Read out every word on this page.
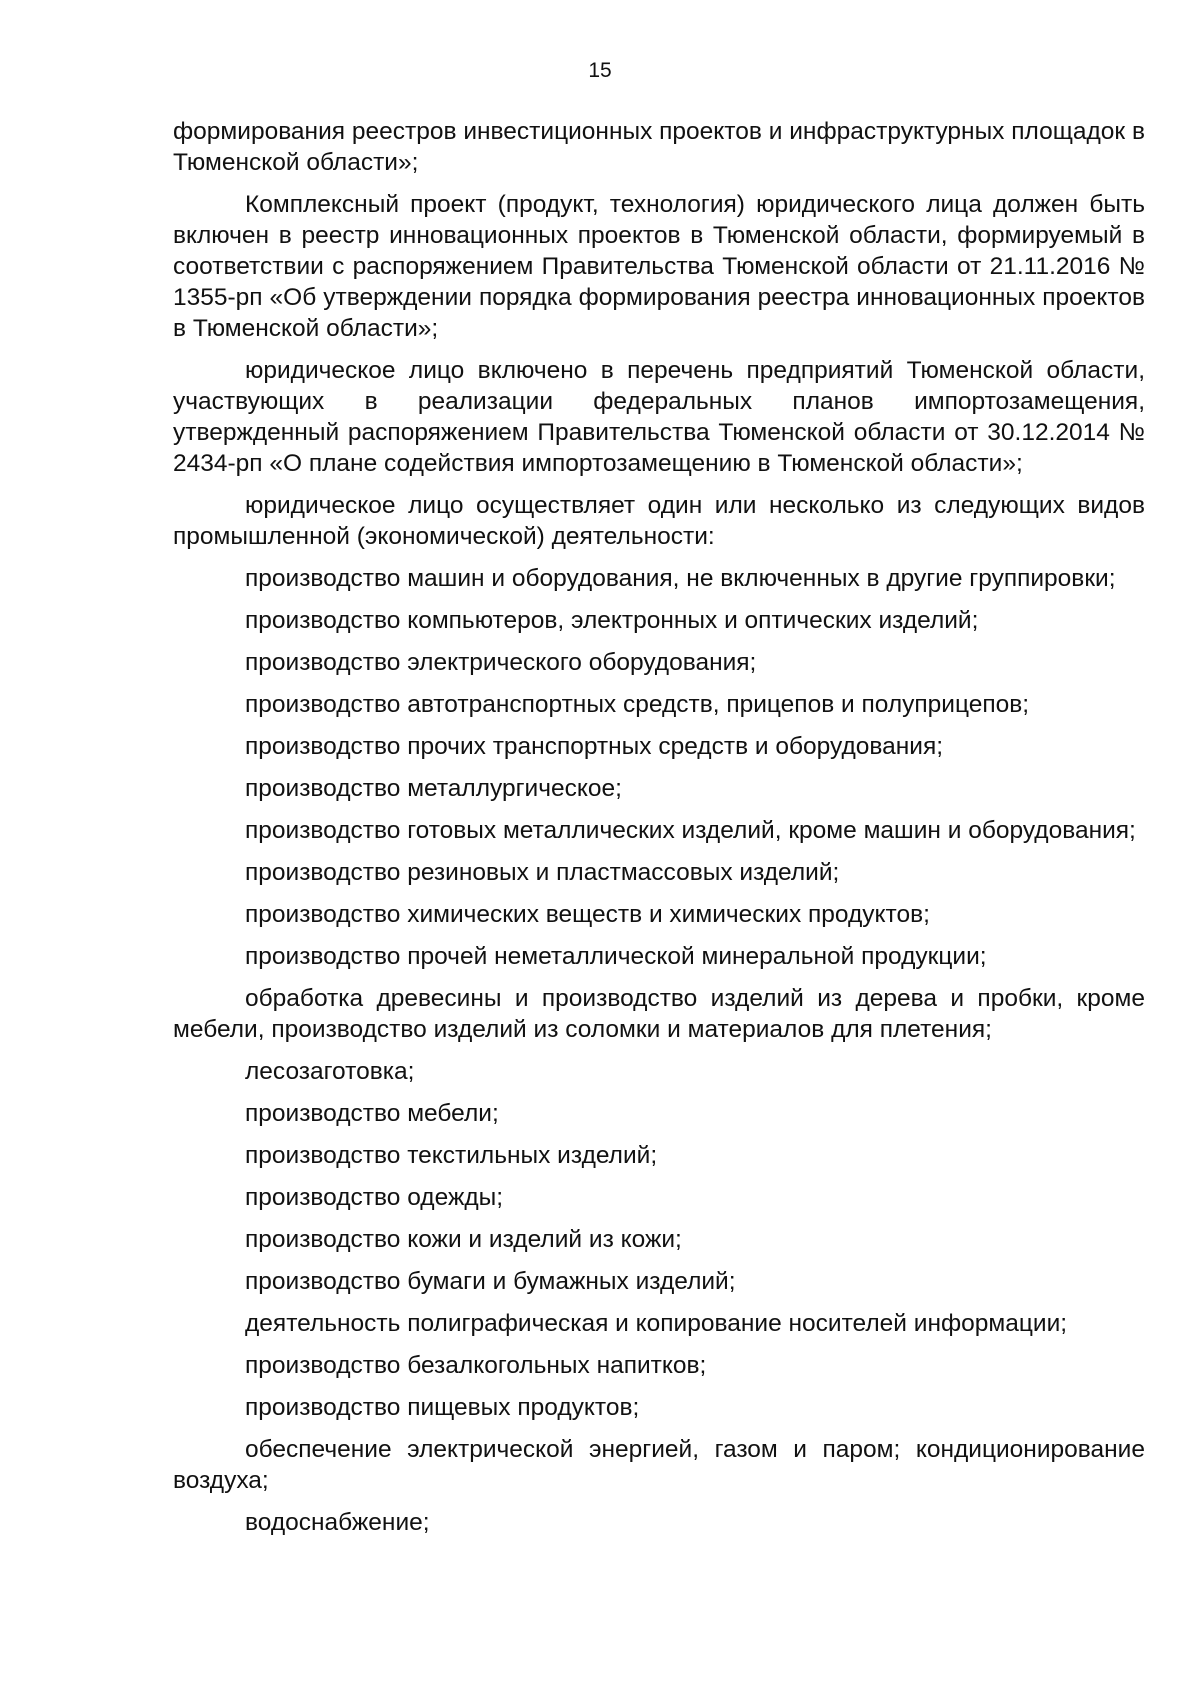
15

формирования реестров инвестиционных проектов и инфраструктурных площадок в Тюменской области»;

Комплексный проект (продукт, технология) юридического лица должен быть включен в реестр инновационных проектов в Тюменской области, формируемый в соответствии с распоряжением Правительства Тюменской области от 21.11.2016 № 1355-рп «Об утверждении порядка формирования реестра инновационных проектов в Тюменской области»;

юридическое лицо включено в перечень предприятий Тюменской области, участвующих в реализации федеральных планов импортозамещения, утвержденный распоряжением Правительства Тюменской области от 30.12.2014 № 2434-рп «О плане содействия импортозамещению в Тюменской области»;

юридическое лицо осуществляет один или несколько из следующих видов промышленной (экономической) деятельности:

производство машин и оборудования, не включенных в другие группировки;

производство компьютеров, электронных и оптических изделий;

производство электрического оборудования;

производство автотранспортных средств, прицепов и полуприцепов;

производство прочих транспортных средств и оборудования;

производство металлургическое;

производство готовых металлических изделий, кроме машин и оборудования;

производство резиновых и пластмассовых изделий;

производство химических веществ и химических продуктов;

производство прочей неметаллической минеральной продукции;

обработка древесины и производство изделий из дерева и пробки, кроме мебели, производство изделий из соломки и материалов для плетения;

лесозаготовка;

производство мебели;

производство текстильных изделий;

производство одежды;

производство кожи и изделий из кожи;

производство бумаги и бумажных изделий;

деятельность полиграфическая и копирование носителей информации;

производство безалкогольных напитков;

производство пищевых продуктов;

обеспечение электрической энергией, газом и паром; кондиционирование воздуха;

водоснабжение;
